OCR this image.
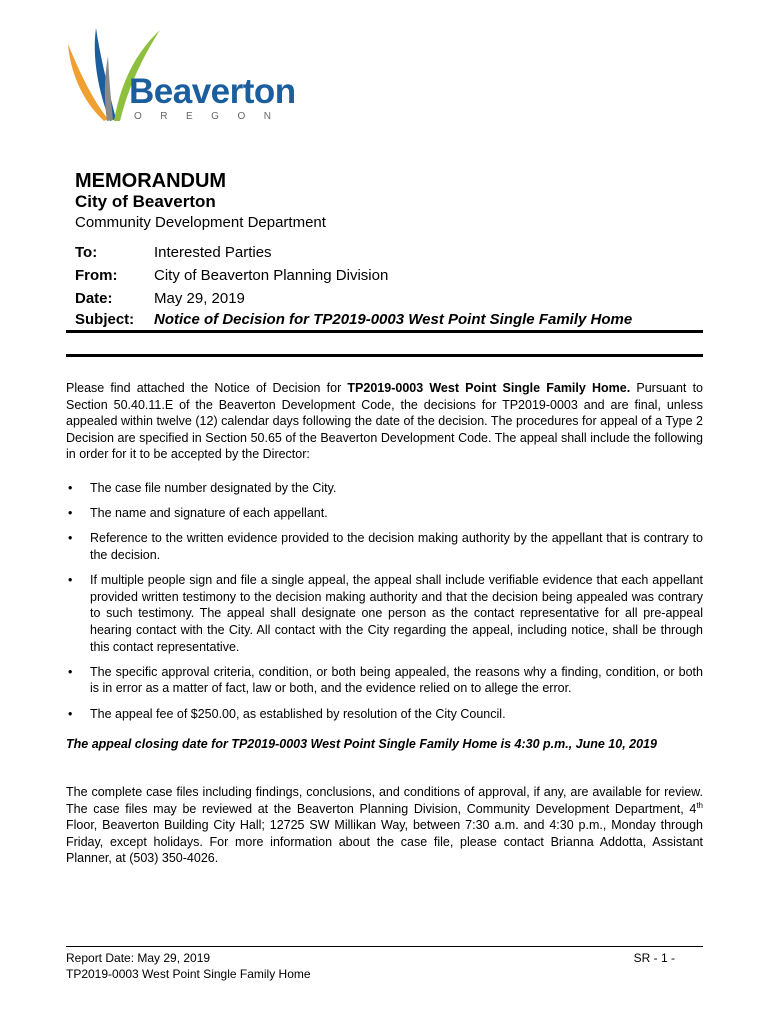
Beaverton
OREGON
MEMORANDUM
City of Beaverton
Community Development Department
To:	Interested Parties
From: City of Beaverton Planning Division
Date:	May 29, 2019
Subject: Notice of Decision for TP2019-0003 West Point Single Family Home

Please find attached the Notice of Decision for TP2019-0003 West Point Single Family Home. Pursuant to Section 50.40.11.E of the Beaverton Development Code, the decisions for TP2019-0003 and are final, unless appealed within twelve (12) calendar days following the date of the decision. The procedures for appeal of a Type 2 Decision are specified in Section 50.65 of the Beaverton Development Code. The appeal shall include the following in order for it to be accepted by the Director:

• The case file number designated by the City.
• The name and signature of each appellant.
• Reference to the written evidence provided to the decision making authority by the appellant that is contrary to the decision.
• If multiple people sign and file a single appeal, the appeal shall include verifiable evidence that each appellant provided written testimony to the decision making authority and that the decision being appealed was contrary to such testimony. The appeal shall designate one person as the contact representative for all pre-appeal hearing contact with the City. All contact with the City regarding the appeal, including notice, shall be through this contact representative.
• The specific approval criteria, condition, or both being appealed, the reasons why a finding, condition, or both is in error as a matter of fact, law or both, and the evidence relied on to allege the error.
• The appeal fee of $250.00, as established by resolution of the City Council.
The appeal closing date for TP2019-0003 West Point Single Family Home is 4:30 p.m., June 10, 2019

The complete case files including findings, conclusions, and conditions of approval, if any, are available for review. The case files may be reviewed at the Beaverton Planning Division, Community Development Department, 4th Floor, Beaverton Building City Hall; 12725 SW Millikan Way, between 7:30 a.m. and 4:30 p.m., Monday through Friday, except holidays. For more information about the case file, please contact Brianna Addotta, Assistant Planner, at (503) 350-4026.

Report Date: May 29, 2019
TP2019-0003 West Point Single Family Home
SR - 1 -
